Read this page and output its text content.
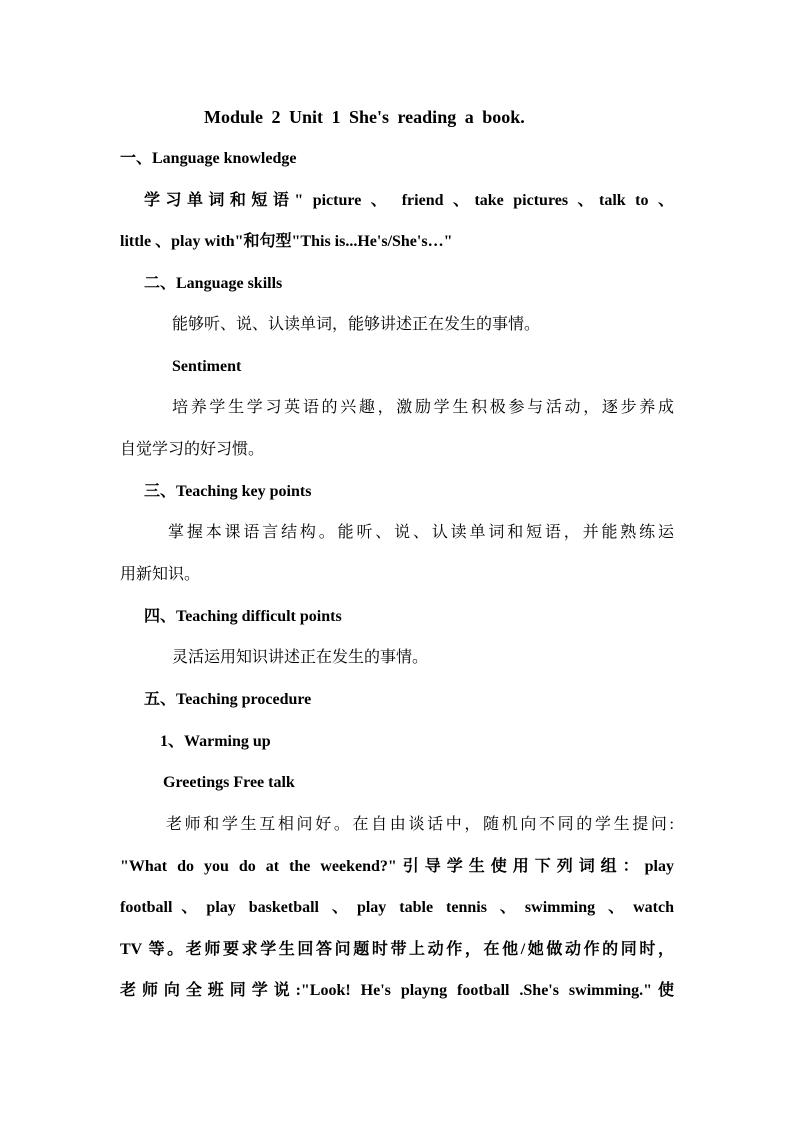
Module 2 Unit 1 She's reading a book.
一、Language knowledge
学习单词和短语" picture 、 friend 、take pictures 、talk to 、
little 、play with"和句型"This is...He's/She's…"
二、Language skills
能够听、说、认读单词，能够讲述正在发生的事情。
Sentiment
培养学生学习英语的兴趣，激励学生积极参与活动，逐步养成
自觉学习的好习惯。
三、Teaching key points
掌握本课语言结构。能听、说、认读单词和短语，并能熟练运
用新知识。
四、Teaching difficult points
灵活运用知识讲述正在发生的事情。
五、Teaching procedure
1、Warming up
Greetings Free talk
老师和学生互相问好。在自由谈话中，随机向不同的学生提问:
"What do you do at the weekend?"引导学生使用下列词组：play
football、play basketball 、play table tennis 、swimming 、watch
TV 等。老师要求学生回答问题时带上动作，在他/她做动作的同时，
老师向全班同学说:"Look! He's playng football .She's swimming."使
